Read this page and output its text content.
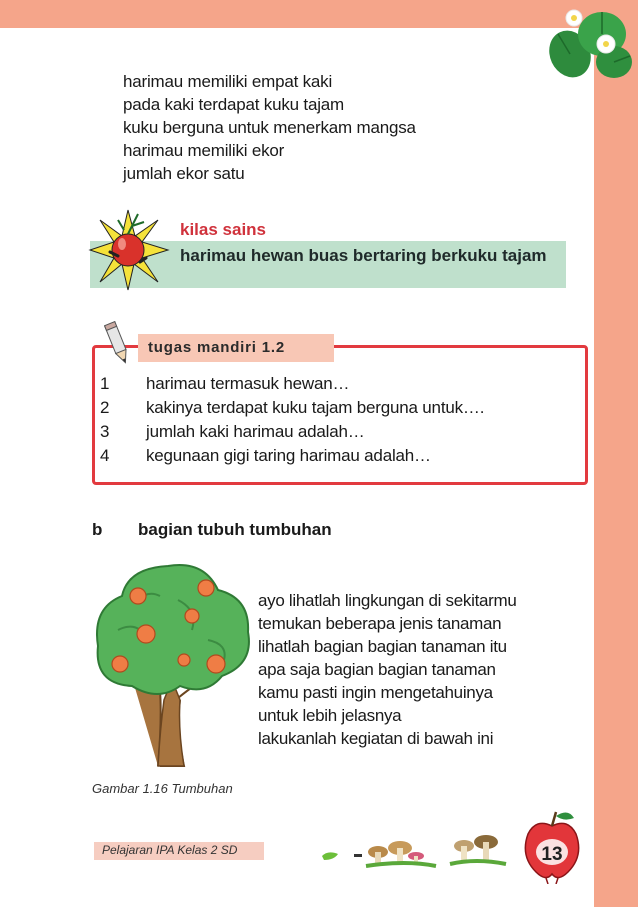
harimau memiliki empat kaki
pada kaki terdapat kuku tajam
kuku berguna untuk menerkam mangsa
harimau memiliki ekor
jumlah ekor satu
kilas sains
harimau hewan buas bertaring berkuku tajam
tugas mandiri 1.2
1	harimau termasuk hewan…
2	kakinya terdapat kuku tajam berguna untuk….
3	jumlah kaki harimau adalah…
4	kegunaan gigi taring harimau adalah…
b	bagian tubuh tumbuhan
ayo lihatlah lingkungan di sekitarmu
temukan beberapa jenis tanaman
lihatlah bagian bagian tanaman itu
apa saja bagian bagian tanaman
kamu pasti ingin mengetahuinya
untuk lebih jelasnya
lakukanlah kegiatan di bawah ini
Gambar 1.16 Tumbuhan
Pelajaran IPA Kelas 2 SD	13
